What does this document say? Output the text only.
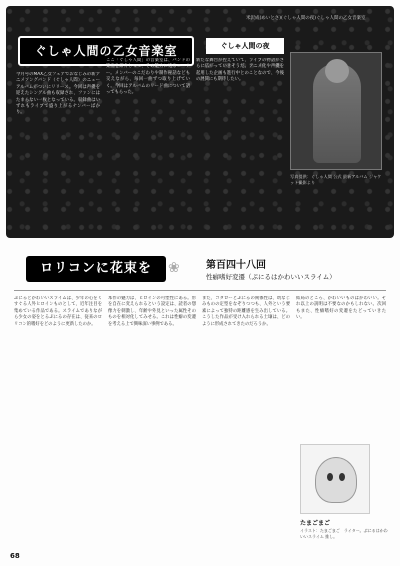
ぐしゃ人間の乙女音楽室	ぐしゃ人間の夜
米沢成(めいとさ)(ぐしゃ人間の夜)ぐしゃ人間の乙女音楽室
今月号のMAX乙女フェアでおなじみの新アニメソングバンド（ぐしゃ人間）のニューアルバムがついにリリース。今回は声優を迎えたシングル曲も収録され、ファンにはたまらない一枚となっている。収録曲はいずれもライブで盛り上がるナンバーばかり。
ここ「ぐしゃ人間」の音楽室は、バンドの楽曲を紹介しつつ、その魅力に迫るコーナー。メンバーのこだわりや制作秘話なども交えながら、毎回一曲ずつ取り上げていく。今回はアルバムのリード曲について語ってもらった。
新たな舞台が控えていて、ライブの物語がさらに広がっていきそうだ。アニメ化や声優を起用した企画も進行中とのことなので、今後の展開にも期待したい。
写真提供：ぐしゃ人間 公式 最新アルバム ジャケット撮影より
ロリコンに花束を	❀	第百四十八回
性癖嗜好変遷（ぷにるはかわいいスライム）
ぷにるとかわいいスライムは、少年の心をくすぐる人外ヒロインものとして、近年注目を集めている作品である。スライムでありながら少女の姿をとるぷにるの存在は、従来のロリコン的嗜好をどのように更新したのか。
本作の魅力は、ヒロインの可塑性にある。形を自在に変えられるという設定は、読者の想像力を刺激し、年齢や外見といった属性そのものを相対化してみせる。これは性癖の変遷を考える上で興味深い事例である。
また、コタローとぷにるの関係性は、幼なじみものの定型をなぞりつつも、人外という要素によって独特の距離感を生み出している。こうした作品が受け入れられる土壌は、どのように形成されてきたのだろうか。
結局のところ、かわいいものはかわいい。それ以上の説明は不要なのかもしれない。次回もまた、性癖嗜好の変遷をたどっていきたい。
たまごまご
イラスト：たまごまご　ライター。ぷにるはかわいいスライム 推し。
68
